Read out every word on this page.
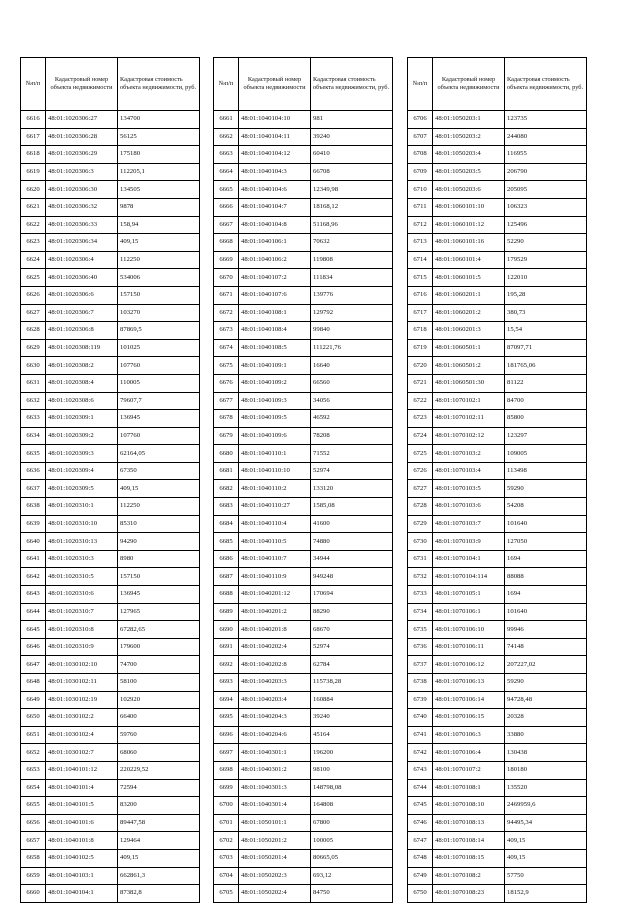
№п/п	Кадастровый номер объекта недвижимости	Кадастровая стоимость объекта недвижимости, руб.
6616	48:01:1020306:27	134700
6617	48:01:1020306:28	56125
6618	48:01:1020306:29	175180
6619	48:01:1020306:3	112205,1
6620	48:01:1020306:30	134505
6621	48:01:1020306:32	9878
6622	48:01:1020306:33	158,94
6623	48:01:1020306:34	409,15
6624	48:01:1020306:4	112250
6625	48:01:1020306:40	534006
6626	48:01:1020306:6	157150
6627	48:01:1020306:7	103270
6628	48:01:1020306:8	87869,5
6629	48:01:1020308:119	101025
6630	48:01:1020308:2	107760
6631	48:01:1020308:4	110005
6632	48:01:1020308:6	79607,7
6633	48:01:1020309:1	136945
6634	48:01:1020309:2	107760
6635	48:01:1020309:3	62164,05
6636	48:01:1020309:4	67350
6637	48:01:1020309:5	409,15
6638	48:01:1020310:1	112250
6639	48:01:1020310:10	85310
6640	48:01:1020310:13	94290
6641	48:01:1020310:3	8980
6642	48:01:1020310:5	157150
6643	48:01:1020310:6	136945
6644	48:01:1020310:7	127965
6645	48:01:1020310:8	67282,65
6646	48:01:1020310:9	179600
6647	48:01:1030102:10	74700
6648	48:01:1030102:11	58100
6649	48:01:1030102:19	102920
6650	48:01:1030102:2	66400
6651	48:01:1030102:4	59760
6652	48:01:1030102:7	68060
6653	48:01:1040101:12	220229,52
6654	48:01:1040101:4	72594
6655	48:01:1040101:5	83200
6656	48:01:1040101:6	89447,58
6657	48:01:1040101:8	129464
6658	48:01:1040102:5	409,15
6659	48:01:1040103:1	662861,3
6660	48:01:1040104:1	87382,8
№п/п	Кадастровый номер объекта недвижимости	Кадастровая стоимость объекта недвижимости, руб.
6661	48:01:1040104:10	981
6662	48:01:1040104:11	39240
6663	48:01:1040104:12	60410
6664	48:01:1040104:3	66708
6665	48:01:1040104:6	12349,98
6666	48:01:1040104:7	18168,12
6667	48:01:1040104:8	51168,96
6668	48:01:1040106:1	70632
6669	48:01:1040106:2	119808
6670	48:01:1040107:2	111834
6671	48:01:1040107:6	139776
6672	48:01:1040108:1	129792
6673	48:01:1040108:4	99840
6674	48:01:1040108:5	111221,76
6675	48:01:1040109:1	16640
6676	48:01:1040109:2	66560
6677	48:01:1040109:3	34056
6678	48:01:1040109:5	46592
6679	48:01:1040109:6	78208
6680	48:01:1040110:1	71552
6681	48:01:1040110:10	52974
6682	48:01:1040110:2	133120
6683	48:01:1040110:27	1585,08
6684	48:01:1040110:4	41600
6685	48:01:1040110:5	74880
6686	48:01:1040110:7	34944
6687	48:01:1040110:9	949248
6688	48:01:1040201:12	170694
6689	48:01:1040201:2	88290
6690	48:01:1040201:8	68670
6691	48:01:1040202:4	52974
6692	48:01:1040202:8	62784
6693	48:01:1040203:3	115738,28
6694	48:01:1040203:4	160884
6695	48:01:1040204:3	39240
6696	48:01:1040204:6	45164
6697	48:01:1040301:1	196200
6698	48:01:1040301:2	98100
6699	48:01:1040301:3	148798,08
6700	48:01:1040301:4	164808
6701	48:01:1050101:1	67800
6702	48:01:1050201:2	100005
6703	48:01:1050201:4	80665,05
6704	48:01:1050202:3	693,12
6705	48:01:1050202:4	84750
№п/п	Кадастровый номер объекта недвижимости	Кадастровая стоимость объекта недвижимости, руб.
6706	48:01:1050203:1	123735
6707	48:01:1050203:2	244080
6708	48:01:1050203:4	116955
6709	48:01:1050203:5	206790
6710	48:01:1050203:6	205095
6711	48:01:1060101:10	106323
6712	48:01:1060101:12	125496
6713	48:01:1060101:16	52290
6714	48:01:1060101:4	179529
6715	48:01:1060101:5	122010
6716	48:01:1060201:1	195,28
6717	48:01:1060201:2	380,73
6718	48:01:1060201:3	15,54
6719	48:01:1060501:1	87097,71
6720	48:01:1060501:2	181765,06
6721	48:01:1060501:30	81122
6722	48:01:1070102:1	84700
6723	48:01:1070102:11	85800
6724	48:01:1070102:12	123297
6725	48:01:1070103:2	109005
6726	48:01:1070103:4	113498
6727	48:01:1070103:5	59290
6728	48:01:1070103:6	54208
6729	48:01:1070103:7	101640
6730	48:01:1070103:9	127050
6731	48:01:1070104:1	1694
6732	48:01:1070104:114	88088
6733	48:01:1070105:1	1694
6734	48:01:1070106:1	101640
6735	48:01:1070106:10	99946
6736	48:01:1070106:11	74148
6737	48:01:1070106:12	207227,02
6738	48:01:1070106:13	59290
6739	48:01:1070106:14	94728,48
6740	48:01:1070106:15	20328
6741	48:01:1070106:3	33880
6742	48:01:1070106:4	130438
6743	48:01:1070107:2	180180
6744	48:01:1070108:1	135520
6745	48:01:1070108:10	2469959,6
6746	48:01:1070108:13	94495,34
6747	48:01:1070108:14	409,15
6748	48:01:1070108:15	409,15
6749	48:01:1070108:2	57750
6750	48:01:1070108:23	18152,9
